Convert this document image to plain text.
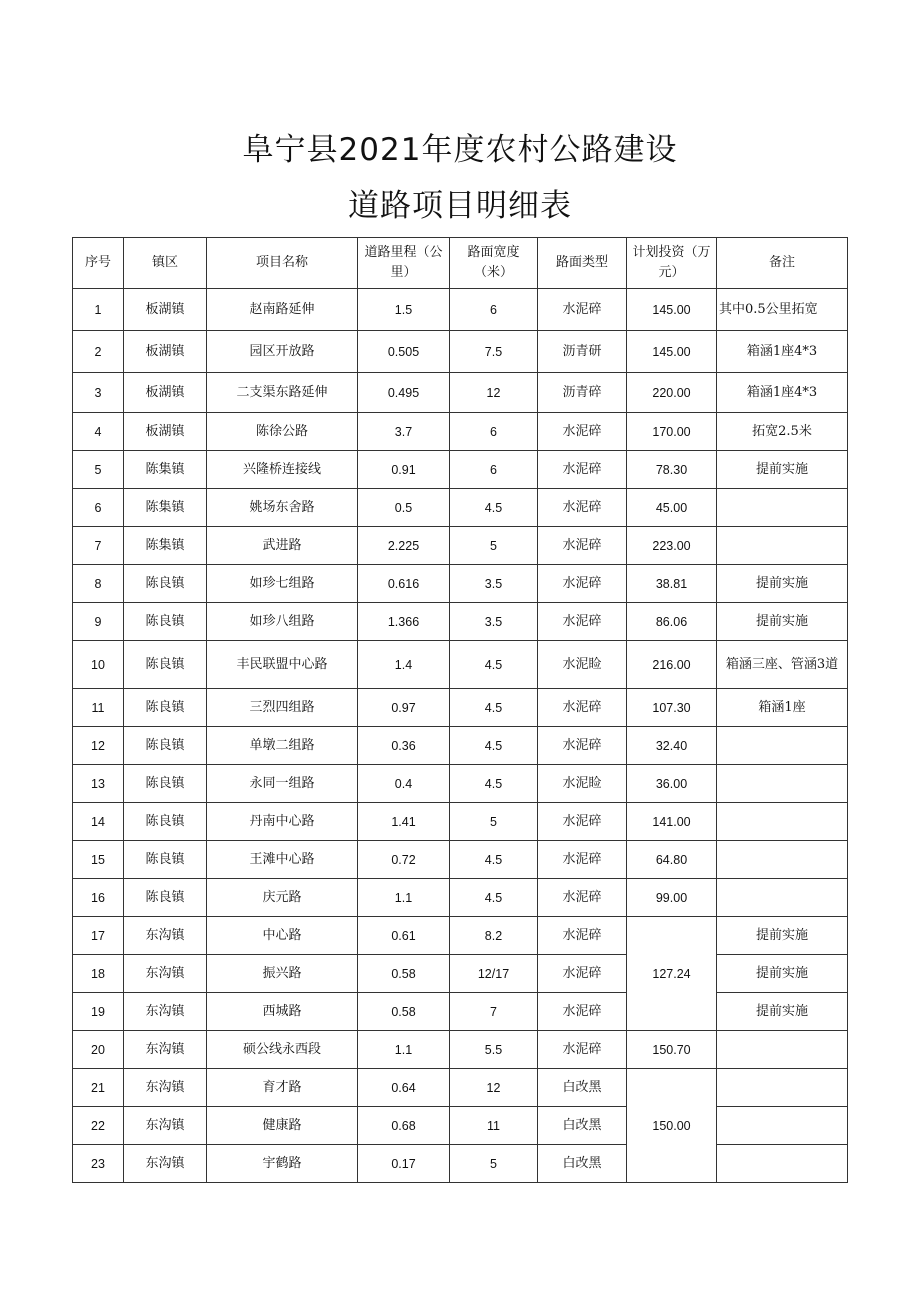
阜宁县2021年度农村公路建设
道路项目明细表
序号	镇区	项目名称	道路里程（公里）	路面宽度（米）	路面类型	计划投资（万元）	备注
1	板湖镇	赵南路延伸	1.5	6	水泥碎	145.00	其中0.5公里拓宽
2	板湖镇	园区开放路	0.505	7.5	沥青研	145.00	箱涵1座4*3
3	板湖镇	二支渠东路延伸	0.495	12	沥青碎	220.00	箱涵1座4*3
4	板湖镇	陈徐公路	3.7	6	水泥碎	170.00	拓宽2.5米
5	陈集镇	兴隆桥连接线	0.91	6	水泥碎	78.30	提前实施
6	陈集镇	姚场东舍路	0.5	4.5	水泥碎	45.00	
7	陈集镇	武进路	2.225	5	水泥碎	223.00	
8	陈良镇	如珍七组路	0.616	3.5	水泥碎	38.81	提前实施
9	陈良镇	如珍八组路	1.366	3.5	水泥碎	86.06	提前实施
10	陈良镇	丰民联盟中心路	1.4	4.5	水泥睑	216.00	箱涵三座、管涵3道
11	陈良镇	三烈四组路	0.97	4.5	水泥碎	107.30	箱涵1座
12	陈良镇	单墩二组路	0.36	4.5	水泥碎	32.40	
13	陈良镇	永同一组路	0.4	4.5	水泥睑	36.00	
14	陈良镇	丹南中心路	1.41	5	水泥碎	141.00	
15	陈良镇	王滩中心路	0.72	4.5	水泥碎	64.80	
16	陈良镇	庆元路	1.1	4.5	水泥碎	99.00	
17	东沟镇	中心路	0.61	8.2	水泥碎	127.24	提前实施
18	东沟镇	振兴路	0.58	12/17	水泥碎		提前实施
19	东沟镇	西城路	0.58	7	水泥碎		提前实施
20	东沟镇	硕公线永西段	1.1	5.5	水泥碎	150.70	
21	东沟镇	育才路	0.64	12	白改黑	150.00	
22	东沟镇	健康路	0.68	11	白改黑		
23	东沟镇	宇鹤路	0.17	5	白改黑		
